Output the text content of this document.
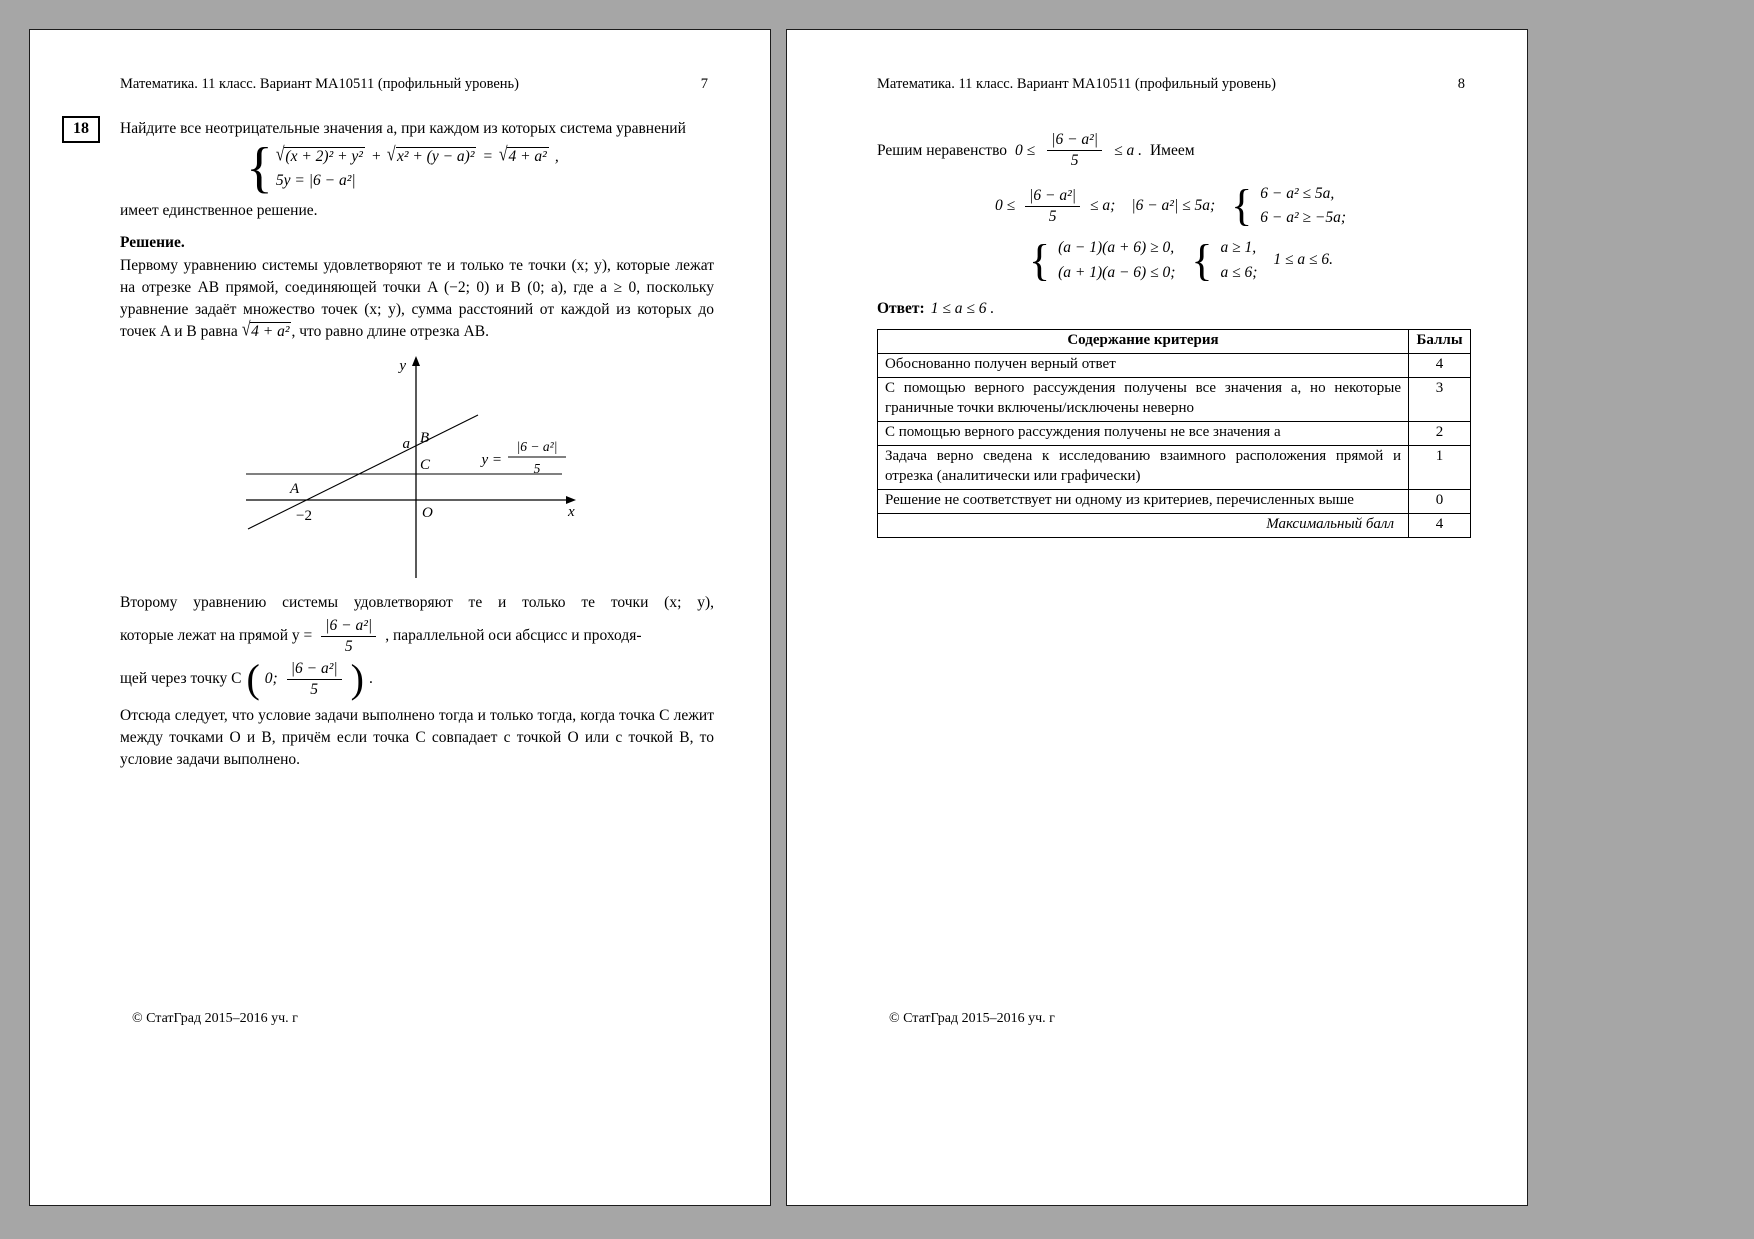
Математика. 11 класс. Вариант МА10511 (профильный уровень)	7
18	Найдите все неотрицательные значения a, при каждом из которых система уравнений

{ √(x + 2)² + y² + √x² + (y − a)² = √4 + a² ,
5y = |6 − a²|

имеет единственное решение.

Решение.

Первому уравнению системы удовлетворяют те и только те точки (x; y), которые лежат на отрезке AB прямой, соединяющей точки A (−2; 0) и B (0; a), где a ≥ 0, поскольку уравнение задаёт множество точек (x; y), сумма расстояний от каждой из которых до точек A и B равна √4 + a² , что равно длине отрезка AB.

y
x
O
A
−2
B
a
C	y =
|6 − a²|
5
Второму уравнению системы удовлетворяют те и только те точки (x; y),
которые лежат на прямой $y = \frac{\text{|6 − a²|}}{5}$ , параллельной оси абсцисс и проходя-
щей через точку C ( 0; $\frac{\text{|6 − a²|}}{5}$ ) .

Отсюда следует, что условие задачи выполнено тогда и только тогда, когда точка C лежит между точками O и B, причём если точка C совпадает с точкой O или с точкой B, то условие задачи выполнено.

© СтатГрад 2015–2016 уч. г
Математика. 11 класс. Вариант МА10511 (профильный уровень)	8
Решим неравенство $0 \le \frac{\text{|6 − a²|}}{5} \le a$ . Имеем
$0 \le \frac{\text{|6 − a²|}}{5} \le a$; |6 − a²| ≤ 5a; { 6 − a² ≤ 5a,
6 − a² ≥ −5a;
{ (a − 1)(a + 6) ≥ 0,
(a + 1)(a − 6) ≤ 0; { a ≥ 1,
a ≤ 6;
1 ≤ a ≤ 6.

Ответ: 1 ≤ a ≤ 6 .

Содержание критерия	Баллы
Обоснованно получен верный ответ	4
С помощью верного рассуждения получены все значения a, но некоторые граничные точки включены/исключены неверно	3
С помощью верного рассуждения получены не все значения a	2
Задача верно сведена к исследованию взаимного расположения прямой и отрезка (аналитически или графически)	1
Решение не соответствует ни одному из критериев, перечисленных выше	0
Максимальный балл	4
© СтатГрад 2015–2016 уч. г
